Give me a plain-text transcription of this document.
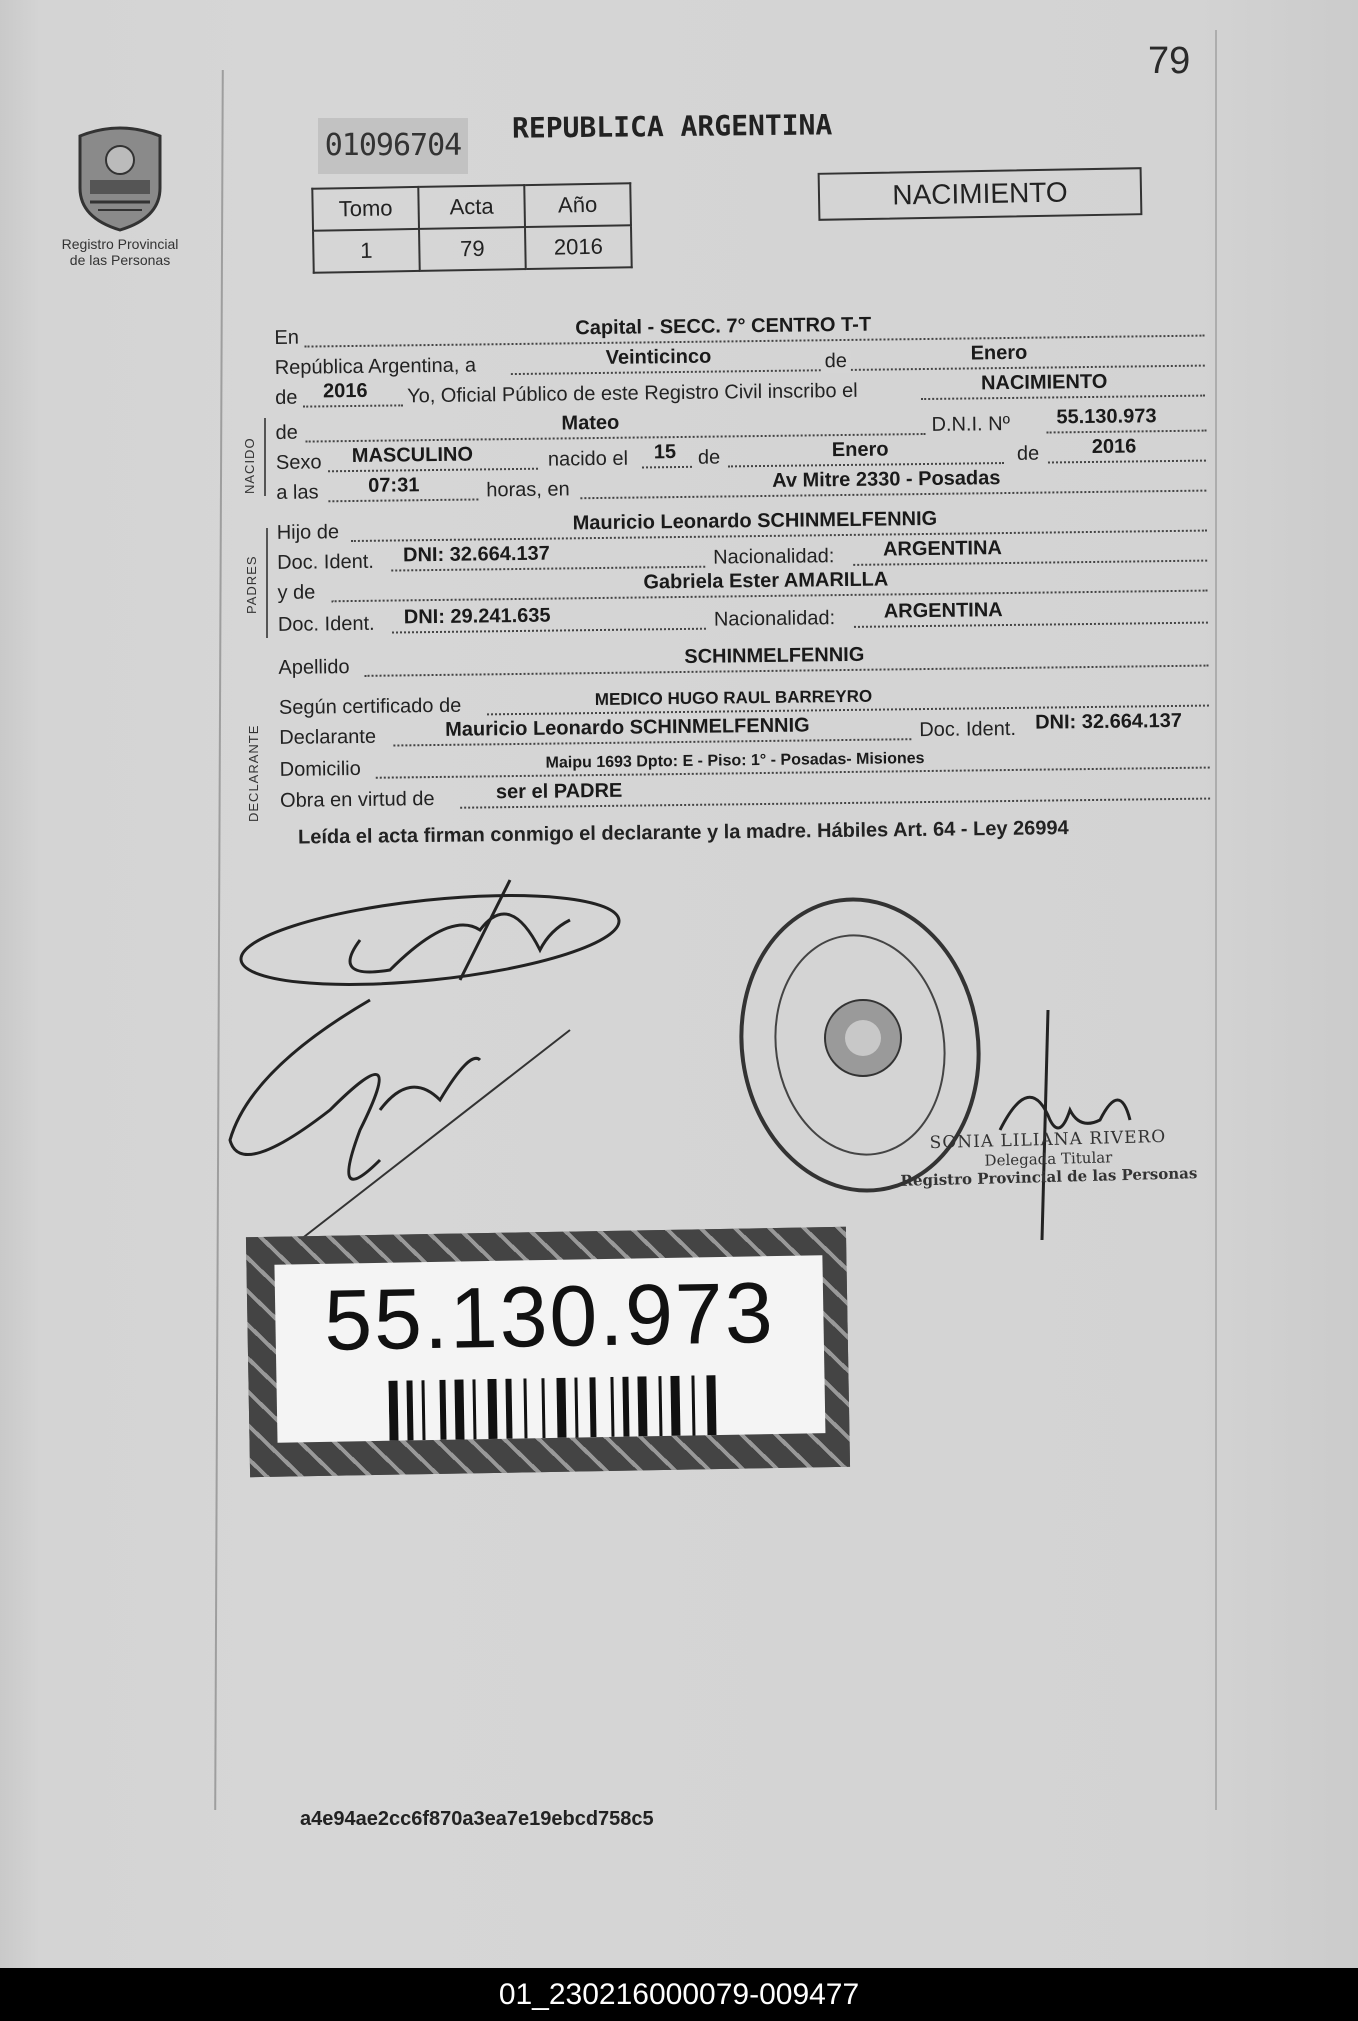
79
Registro Provincial de las Personas
01096704
REPUBLICA ARGENTINA
Tomo	Acta	Año
1	79	2016
NACIMIENTO
NACIDO
PADRES
DECLARANTE
En	Capital - SECC. 7° CENTRO T-T
República Argentina, a	Veinticinco	de	Enero
de 2016 Yo, Oficial Público de este Registro Civil inscribo el	NACIMIENTO
de	Mateo	D.N.I. Nº 55.130.973
Sexo MASCULINO	nacido el 15 de	Enero	de	2016
a las 07:31	horas, en	Av Mitre 2330 - Posadas
Hijo de	Mauricio Leonardo SCHINMELFENNIG
Doc. Ident. DNI: 32.664.137	Nacionalidad: ARGENTINA
y de	Gabriela Ester AMARILLA
Doc. Ident. DNI: 29.241.635	Nacionalidad: ARGENTINA
Apellido	SCHINMELFENNIG
Según certificado de	MEDICO HUGO RAUL BARREYRO
Declarante	Mauricio Leonardo SCHINMELFENNIG	Doc. Ident. DNI: 32.664.137
Domicilio	Maipu 1693 Dpto: E - Piso: 1° - Posadas- Misiones
Obra en virtud de	ser el PADRE
Leída el acta firman conmigo el declarante y la madre. Hábiles Art. 64 - Ley 26994
SONIA LILIANA RIVERO
Delegada Titular
Registro Provincial de las Personas
55.130.973
a4e94ae2cc6f870a3ea7e19ebcd758c5
01_230216000079-009477
